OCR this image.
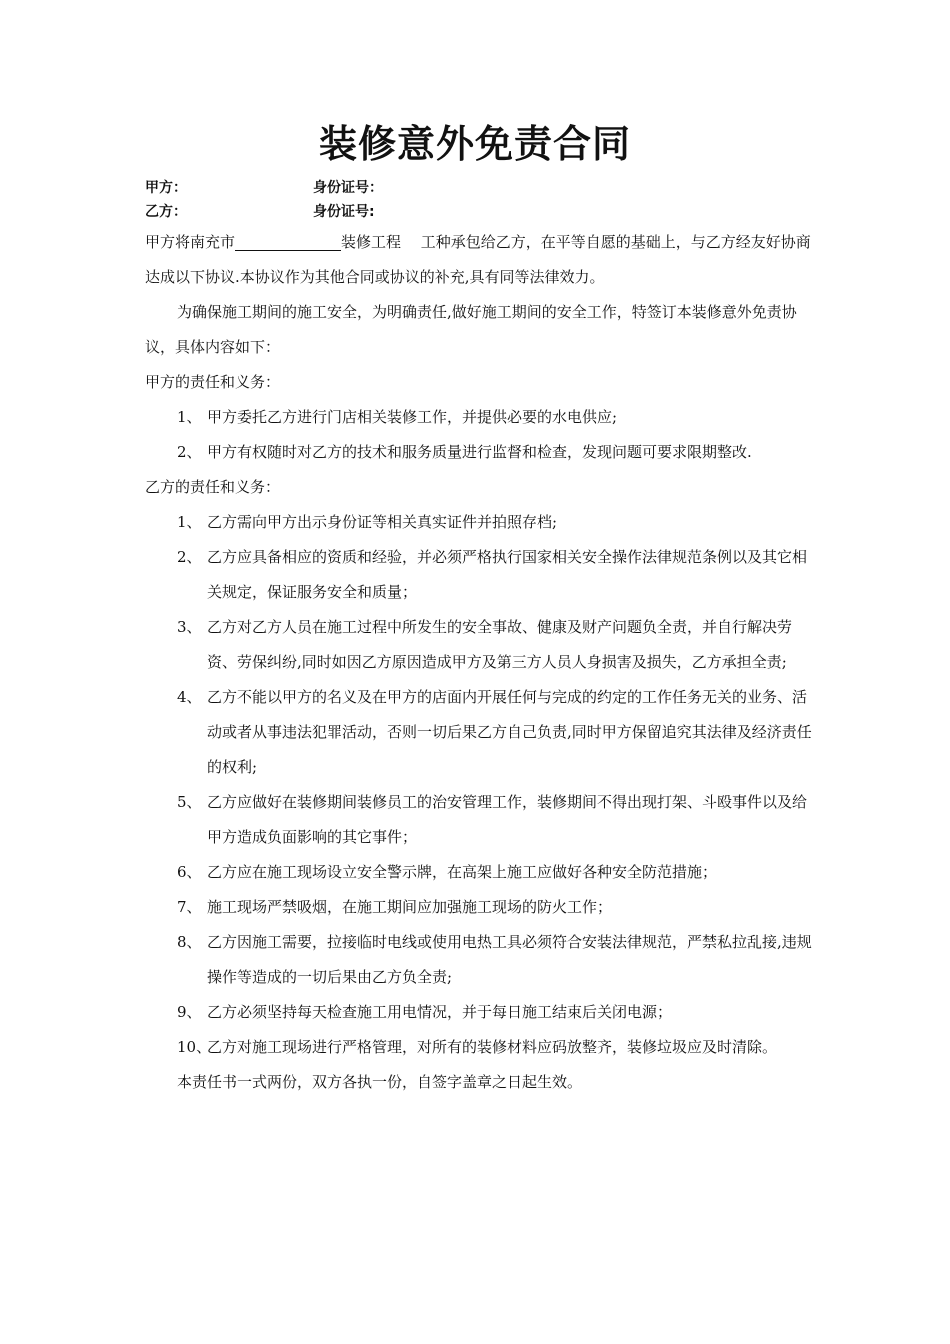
装修意外免责合同
甲方：	身份证号：
乙方：	身份证号:

甲方将南充市	装修工程　 工种承包给乙方，在平等自愿的基础上，与乙方经友好协商达成以下协议.本协议作为其他合同或协议的补充,具有同等法律效力。

为确保施工期间的施工安全，为明确责任,做好施工期间的安全工作，特签订本装修意外免责协议，具体内容如下：

甲方的责任和义务：

1、 甲方委托乙方进行门店相关装修工作，并提供必要的水电供应;
2、 甲方有权随时对乙方的技术和服务质量进行监督和检查，发现问题可要求限期整改.

乙方的责任和义务：

1、 乙方需向甲方出示身份证等相关真实证件并拍照存档;
2、 乙方应具备相应的资质和经验，并必须严格执行国家相关安全操作法律规范条例以及其它相关规定，保证服务安全和质量；
3、 乙方对乙方人员在施工过程中所发生的安全事故、健康及财产问题负全责，并自行解决劳资、劳保纠纷,同时如因乙方原因造成甲方及第三方人员人身损害及损失，乙方承担全责;
4、 乙方不能以甲方的名义及在甲方的店面内开展任何与完成的约定的工作任务无关的业务、活动或者从事违法犯罪活动，否则一切后果乙方自己负责,同时甲方保留追究其法律及经济责任的权利;
5、 乙方应做好在装修期间装修员工的治安管理工作，装修期间不得出现打架、斗殴事件以及给甲方造成负面影响的其它事件；
6、 乙方应在施工现场设立安全警示牌，在高架上施工应做好各种安全防范措施；
7、 施工现场严禁吸烟，在施工期间应加强施工现场的防火工作；
8、 乙方因施工需要，拉接临时电线或使用电热工具必须符合安装法律规范，严禁私拉乱接,违规操作等造成的一切后果由乙方负全责;
9、 乙方必须坚持每天检查施工用电情况，并于每日施工结束后关闭电源；
10、
乙方对施工现场进行严格管理，对所有的装修材料应码放整齐，装修垃圾应及时清除。

本责任书一式两份，双方各执一份，自签字盖章之日起生效。
